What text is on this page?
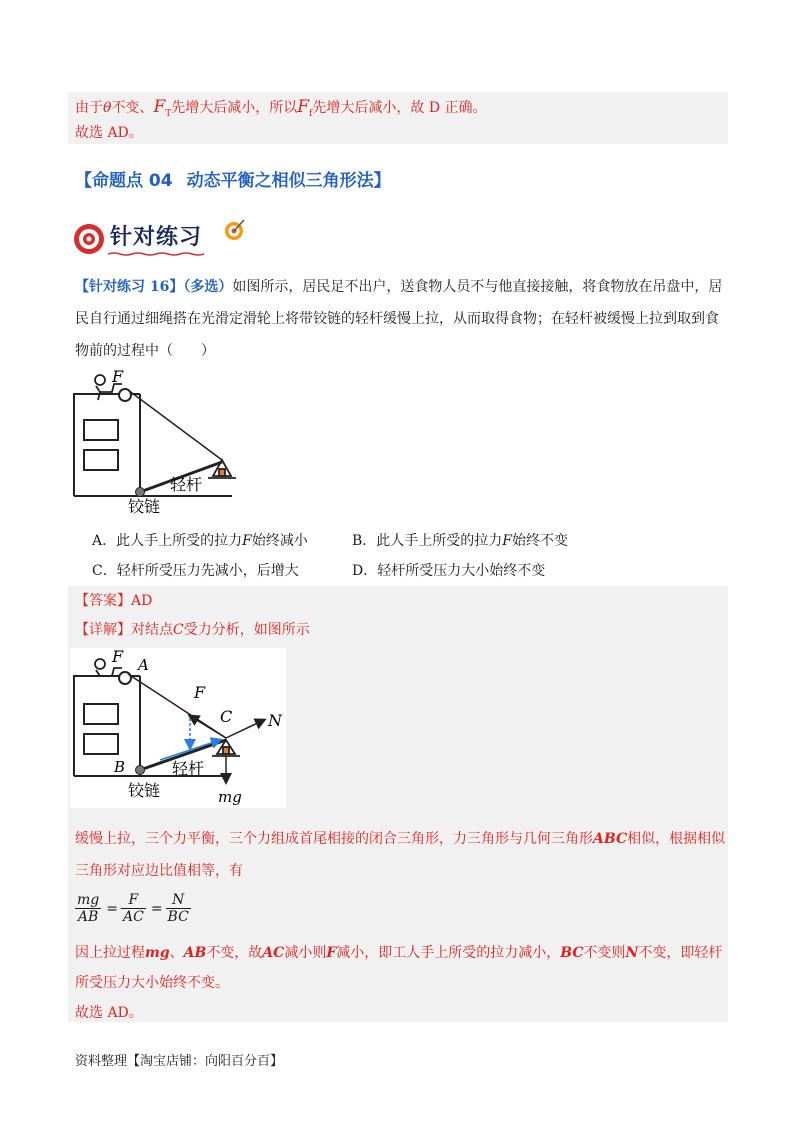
由于θ不变、$F_T$先增大后减小，所以$F_f$先增大后减小，故 D 正确。
故选 AD。
【命题点 04 动态平衡之相似三角形法】
针对练习
【针对练习 16】（多选）如图所示，居民足不出户，送食物人员不与他直接接触，将食物放在吊盘中，居
民自行通过细绳搭在光滑定滑轮上将带铰链的轻杆缓慢上拉，从而取得食物；在轻杆被缓慢上拉到取到食
物前的过程中（　　）
F
轻杆
铰链
A．此人手上所受的拉力F始终减小	B．此人手上所受的拉力F始终不变
C．轻杆所受压力先减小，后增大	D．轻杆所受压力大小始终不变
【答案】AD
【详解】对结点C受力分析，如图所示
F A
F
C N
B	轻杆
铰链	mg
缓慢上拉，三个力平衡，三个力组成首尾相接的闭合三角形，力三角形与几何三角形ABC相似，根据相似
三角形对应边比值相等，有
$\frac{mg}{AB} = \frac{F}{AC} = \frac{N}{BC}$
因上拉过程mg、AB不变，故AC减小则F减小，即工人手上所受的拉力减小，BC不变则N不变，即轻杆
所受压力大小始终不变。
故选 AD。
资料整理【淘宝店铺：向阳百分百】
